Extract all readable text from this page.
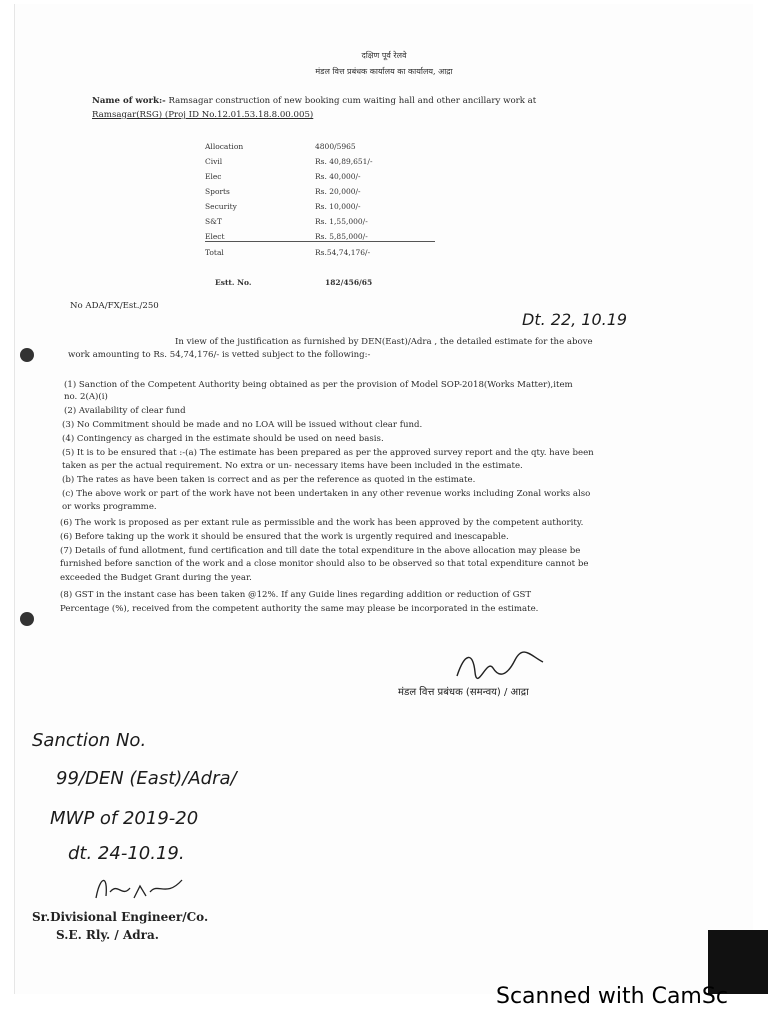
दक्षिण पूर्व रेलवे
मंडल वित्त प्रबंधक कार्यालय का कार्यालय, आद्रा
Name of work:- Ramsagar construction of new booking cum waiting hall and other ancillary work at
Ramsagar(RSG) (Proj ID No.12.01.53.18.8.00.005)
Allocation	4800/5965
Civil	Rs. 40,89,651/-
Elec	Rs. 40,000/-
Sports	Rs. 20,000/-
Security	Rs. 10,000/-
S&T	Rs. 1,55,000/-
Elect	Rs. 5,85,000/-
Total	Rs.54,74,176/-
Estt. No.	182/456/65
No ADA/FX/Est./250
Dt. 22, 10.19
In view of the justification as furnished by DEN(East)/Adra , the detailed estimate for the above
work amounting to Rs. 54,74,176/- is vetted subject to the following:-
(1) Sanction of the Competent Authority being obtained as per the provision of Model SOP-2018(Works Matter),item
no. 2(A)(i)
(2) Availability of clear fund
(3) No Commitment should be made and no LOA will be issued without clear fund.
(4) Contingency as charged in the estimate should be used on need basis.
(5) It is to be ensured that :-(a) The estimate has been prepared as per the approved survey report and the qty. have been
taken as per the actual requirement. No extra or un- necessary items have been included in the estimate.
(b) The rates as have been taken is correct and as per the reference as quoted in the estimate.
(c) The above work or part of the work have not been undertaken in any other revenue works including Zonal works also
or works programme.
(6) The work is proposed as per extant rule as permissible and the work has been approved by the competent authority.
(6) Before taking up the work it should be ensured that the work is urgently required and inescapable.
(7) Details of fund allotment, fund certification and till date the total expenditure in the above allocation may please be
furnished before sanction of the work and a close monitor should also to be observed so that total expenditure cannot be
exceeded the Budget Grant during the year.
(8) GST in the instant case has been taken @12%. If any Guide lines regarding addition or reduction of GST
Percentage (%), received from the competent authority the same may please be incorporated in the estimate.
मंडल वित्त प्रबंधक (समन्वय) / आद्रा
Sanction No.
99/DEN (East)/Adra/
MWP of 2019-20
dt. 24-10.19.
Sr.Divisional Engineer/Co.
S.E. Rly. / Adra.
Scanned with CamSc
